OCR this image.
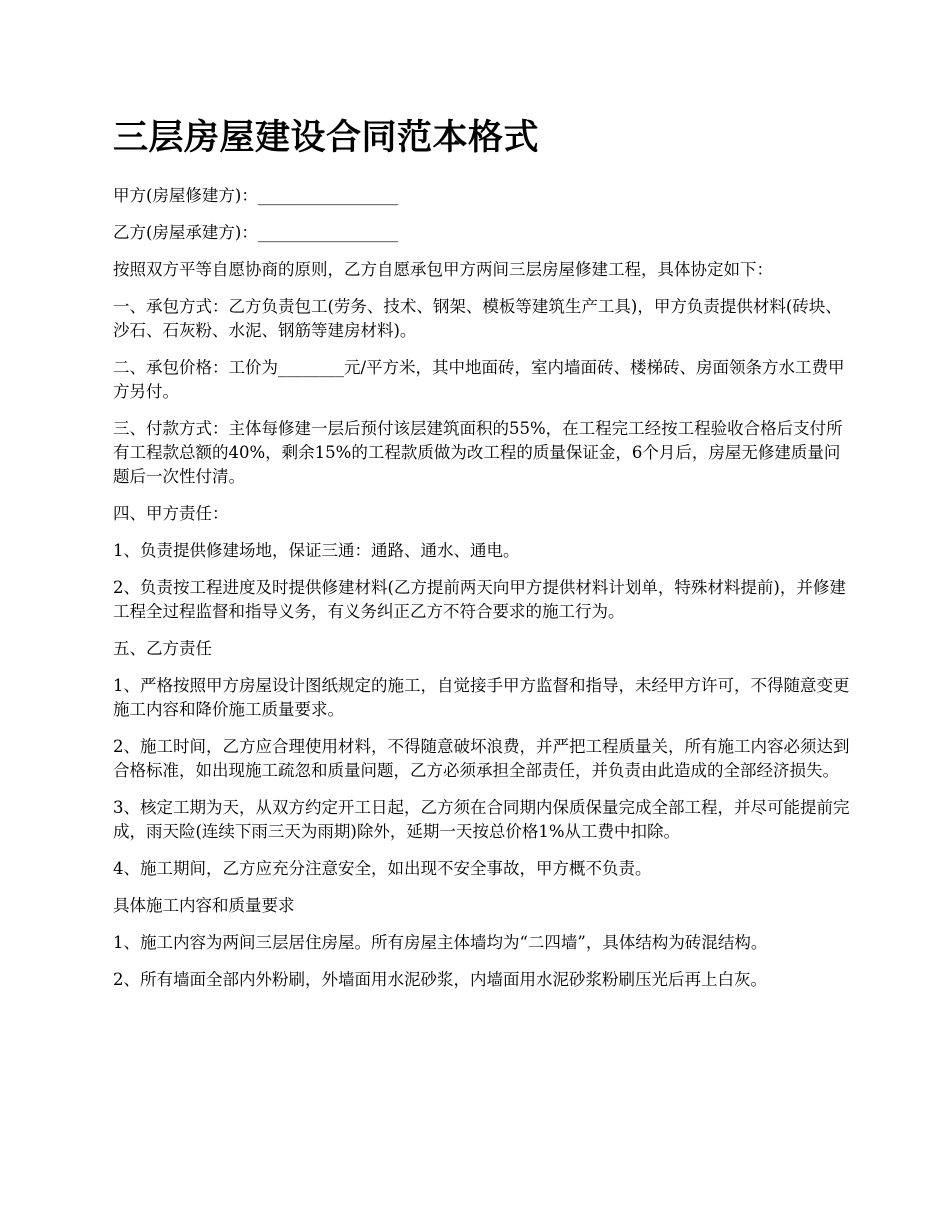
三层房屋建设合同范本格式

甲方(房屋修建方)：_________________

乙方(房屋承建方)：_________________

按照双方平等自愿协商的原则，乙方自愿承包甲方两间三层房屋修建工程，具体协定如下：

一、承包方式：乙方负责包工(劳务、技术、钢架、模板等建筑生产工具)，甲方负责提供材料(砖块、沙石、石灰粉、水泥、钢筋等建房材料)。

二、承包价格：工价为________元/平方米，其中地面砖，室内墙面砖、楼梯砖、房面领条方水工费甲方另付。

三、付款方式：主体每修建一层后预付该层建筑面积的55%，在工程完工经按工程验收合格后支付所有工程款总额的40%，剩余15%的工程款质做为改工程的质量保证金，6个月后，房屋无修建质量问题后一次性付清。

四、甲方责任：

1、负责提供修建场地，保证三通：通路、通水、通电。

2、负责按工程进度及时提供修建材料(乙方提前两天向甲方提供材料计划单，特殊材料提前)，并修建工程全过程监督和指导义务，有义务纠正乙方不符合要求的施工行为。

五、乙方责任

1、严格按照甲方房屋设计图纸规定的施工，自觉接手甲方监督和指导，未经甲方许可，不得随意变更施工内容和降价施工质量要求。

2、施工时间，乙方应合理使用材料，不得随意破坏浪费，并严把工程质量关，所有施工内容必须达到合格标准，如出现施工疏忽和质量问题，乙方必须承担全部责任，并负责由此造成的全部经济损失。

3、核定工期为天，从双方约定开工日起，乙方须在合同期内保质保量完成全部工程，并尽可能提前完成，雨天险(连续下雨三天为雨期)除外，延期一天按总价格1%从工费中扣除。

4、施工期间，乙方应充分注意安全，如出现不安全事故，甲方概不负责。

具体施工内容和质量要求

1、施工内容为两间三层居住房屋。所有房屋主体墙均为“二四墙”，具体结构为砖混结构。

2、所有墙面全部内外粉刷，外墙面用水泥砂浆，内墙面用水泥砂浆粉刷压光后再上白灰。
